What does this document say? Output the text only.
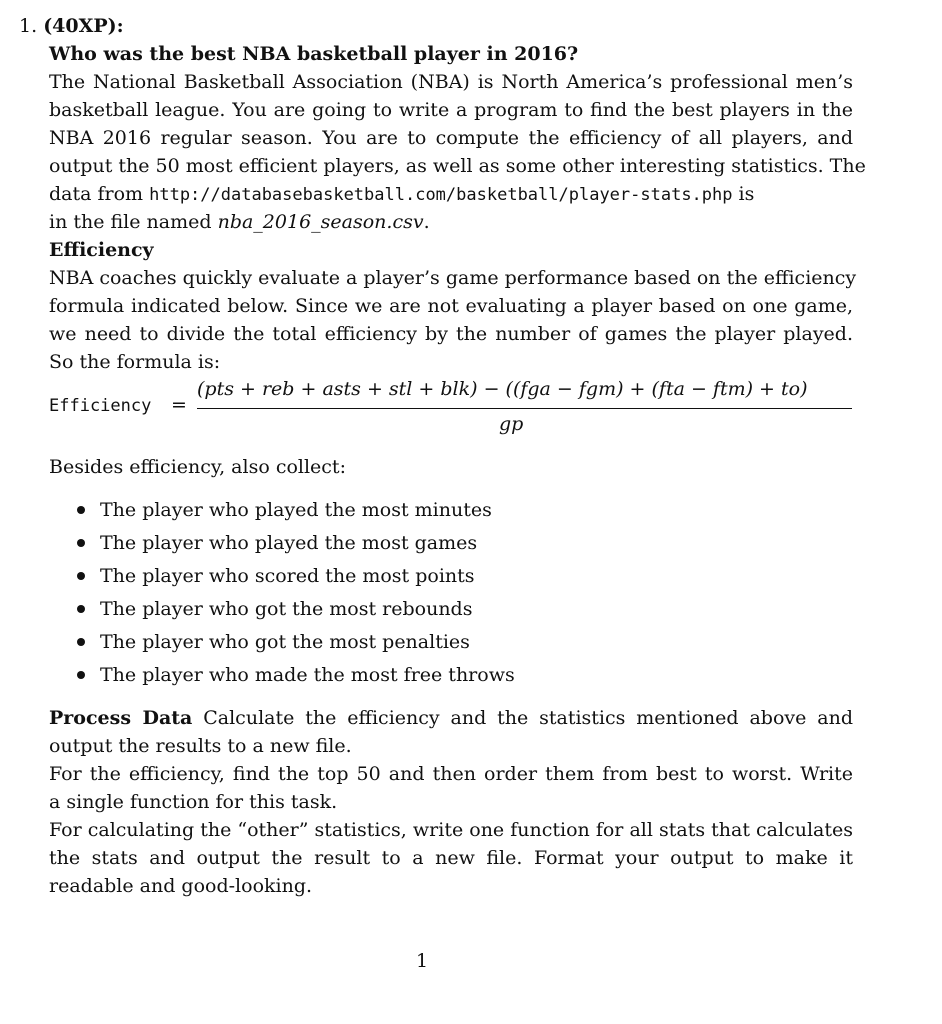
1. (40XP):
Who was the best NBA basketball player in 2016?
The National Basketball Association (NBA) is North America’s professional men’s
basketball league. You are going to write a program to find the best players in the
NBA 2016 regular season. You are to compute the efficiency of all players, and
output the 50 most efficient players, as well as some other interesting statistics. The
data from http://databasebasketball.com/basketball/player-stats.php is
in the file named nba_2016_season.csv.
Efficiency
NBA coaches quickly evaluate a player’s game performance based on the efficiency
formula indicated below. Since we are not evaluating a player based on one game,
we need to divide the total efficiency by the number of games the player played.
So the formula is:
Efficiency =
(pts + reb + asts + stl + blk) − ((fga − fgm) + (fta − ftm) + to)
gp
Besides efficiency, also collect:
The player who played the most minutes
The player who played the most games
The player who scored the most points
The player who got the most rebounds
The player who got the most penalties
The player who made the most free throws
Process Data Calculate the efficiency and the statistics mentioned above and
output the results to a new file.
For the efficiency, find the top 50 and then order them from best to worst. Write
a single function for this task.
For calculating the “other” statistics, write one function for all stats that calculates
the stats and output the result to a new file. Format your output to make it
readable and good-looking.
1
